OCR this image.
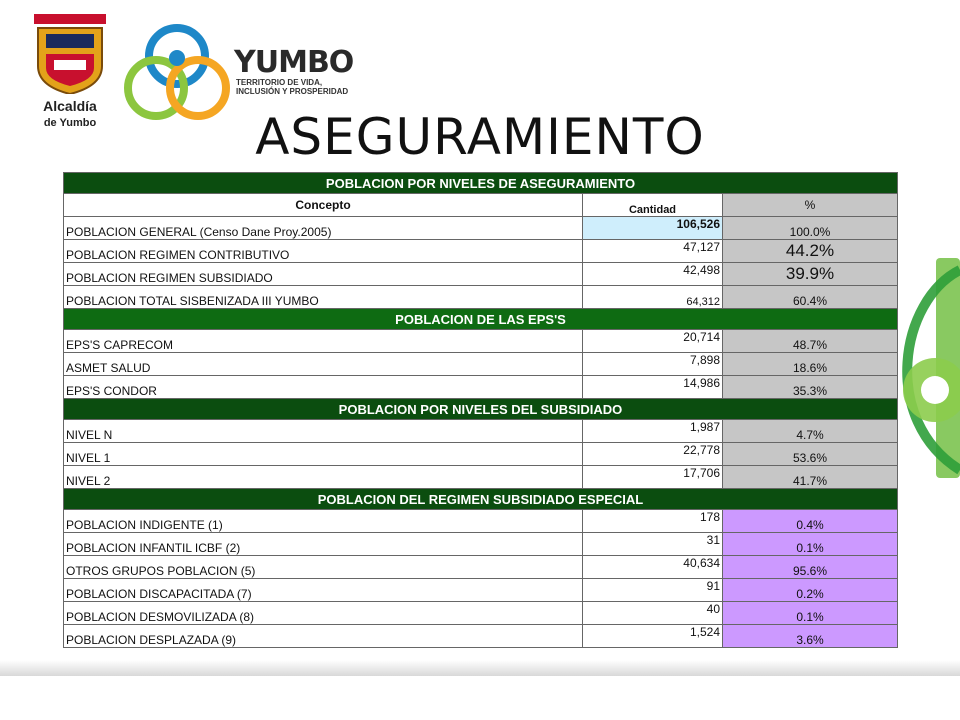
Alcaldía
de Yumbo
YUMBO
TERRITORIO DE VIDA,
INCLUSIÓN Y PROSPERIDAD
ASEGURAMIENTO
POBLACION POR NIVELES DE ASEGURAMIENTO		
Concepto	Cantidad	%
POBLACION GENERAL (Censo Dane Proy.2005)	106,526	100.0%
POBLACION REGIMEN CONTRIBUTIVO	47,127	44.2%
POBLACION REGIMEN SUBSIDIADO	42,498	39.9%
POBLACION TOTAL SISBENIZADA III YUMBO	64,312	60.4%
POBLACION DE LAS EPS'S		
EPS'S CAPRECOM	20,714	48.7%
ASMET SALUD	7,898	18.6%
EPS'S CONDOR	14,986	35.3%
POBLACION POR NIVELES DEL SUBSIDIADO		
NIVEL N	1,987	4.7%
NIVEL 1	22,778	53.6%
NIVEL 2	17,706	41.7%
POBLACION DEL REGIMEN SUBSIDIADO ESPECIAL		
POBLACION INDIGENTE (1)	178	0.4%
POBLACION INFANTIL ICBF (2)	31	0.1%
OTROS GRUPOS POBLACION (5)	40,634	95.6%
POBLACION DISCAPACITADA (7)	91	0.2%
POBLACION DESMOVILIZADA (8)	40	0.1%
POBLACION DESPLAZADA (9)	1,524	3.6%
